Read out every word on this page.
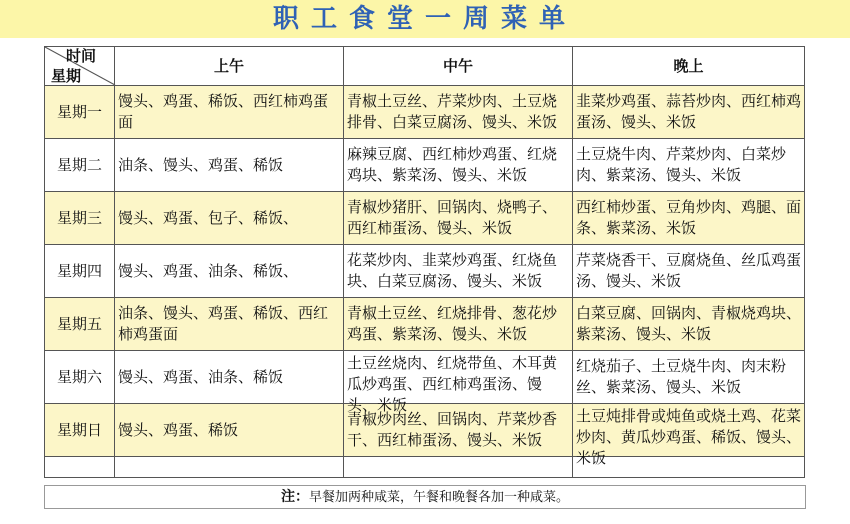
职工食堂一周菜单
时间
星期	上午	中午	晚上
星期一	馒头、鸡蛋、稀饭、西红柿鸡蛋面	青椒土豆丝、芹菜炒肉、土豆烧排骨、白菜豆腐汤、馒头、米饭	韭菜炒鸡蛋、蒜苔炒肉、西红柿鸡蛋汤、馒头、米饭

星期二	油条、馒头、鸡蛋、稀饭	麻辣豆腐、西红柿炒鸡蛋、红烧鸡块、紫菜汤、馒头、米饭	土豆烧牛肉、芹菜炒肉、白菜炒肉、紫菜汤、馒头、米饭

星期三	馒头、鸡蛋、包子、稀饭、	青椒炒猪肝、回锅肉、烧鸭子、西红柿蛋汤、馒头、米饭	西红柿炒蛋、豆角炒肉、鸡腿、面条、紫菜汤、米饭

星期四	馒头、鸡蛋、油条、稀饭、	花菜炒肉、韭菜炒鸡蛋、红烧鱼块、白菜豆腐汤、馒头、米饭	芹菜烧香干、豆腐烧鱼、丝瓜鸡蛋汤、馒头、米饭

星期五	油条、馒头、鸡蛋、稀饭、西红柿鸡蛋面	青椒土豆丝、红烧排骨、葱花炒鸡蛋、紫菜汤、馒头、米饭	白菜豆腐、回锅肉、青椒烧鸡块、紫菜汤、馒头、米饭

星期六	馒头、鸡蛋、油条、稀饭	土豆丝烧肉、红烧带鱼、木耳黄瓜炒鸡蛋、西红柿鸡蛋汤、馒头、米饭	红烧茄子、土豆烧牛肉、肉末粉丝、紫菜汤、馒头、米饭

星期日	馒头、鸡蛋、稀饭	青椒炒肉丝、回锅肉、芹菜炒香干、西红柿蛋汤、馒头、米饭	土豆炖排骨或炖鱼或烧土鸡、花菜炒肉、黄瓜炒鸡蛋、稀饭、馒头、米饭

注：早餐加两种咸菜，午餐和晚餐各加一种咸菜。
